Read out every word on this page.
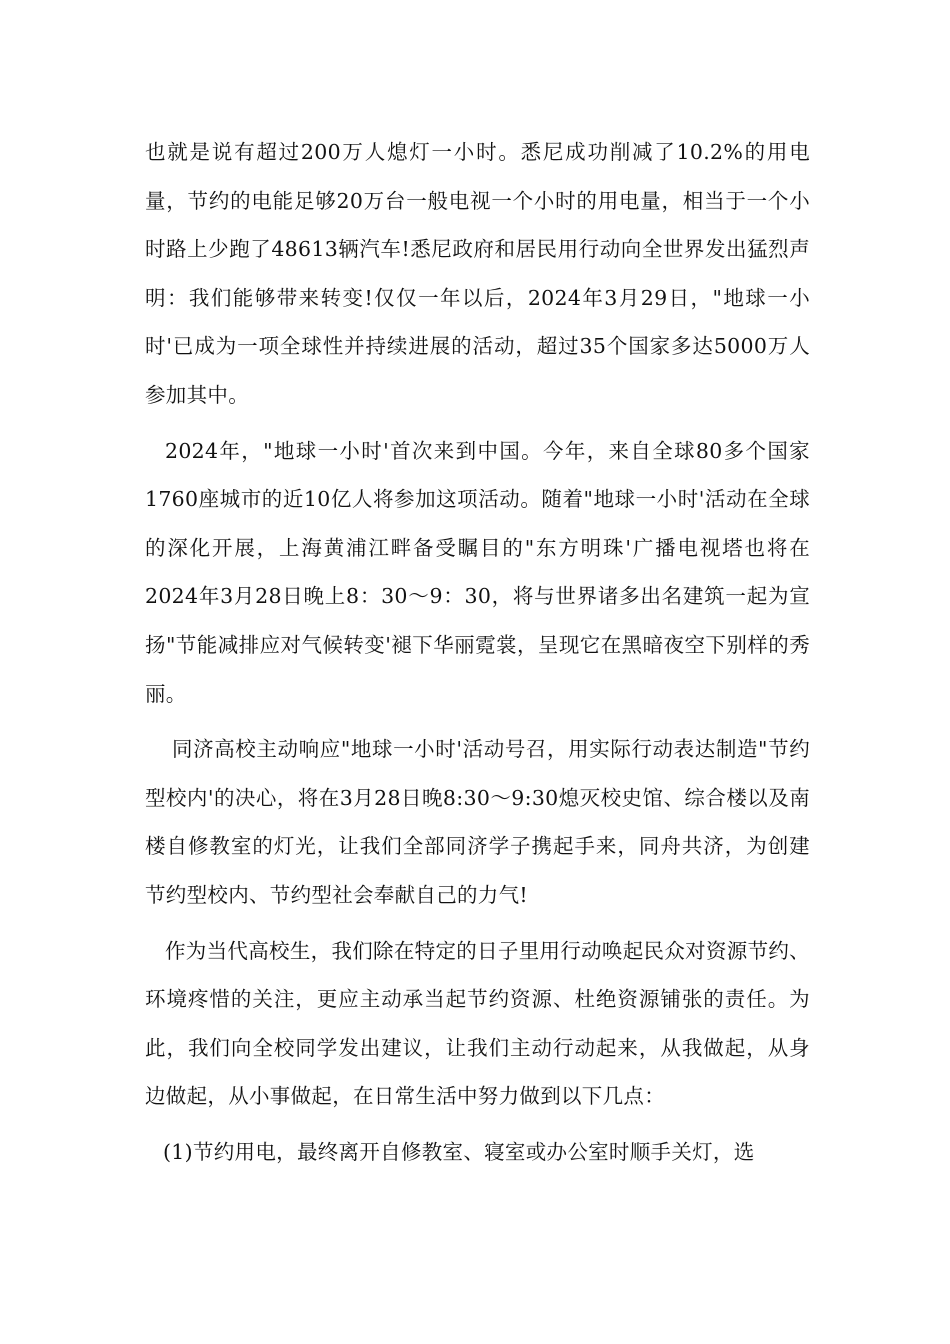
也就是说有超过200万人熄灯一小时。悉尼成功削减了10.2%的用电量，节约的电能足够20万台一般电视一个小时的用电量，相当于一个小时路上少跑了48613辆汽车!悉尼政府和居民用行动向全世界发出猛烈声明：我们能够带来转变!仅仅一年以后，2024年3月29日，"地球一小时'已成为一项全球性并持续进展的活动，超过35个国家多达5000万人参加其中。

2024年，"地球一小时'首次来到中国。今年，来自全球80多个国家1760座城市的近10亿人将参加这项活动。随着"地球一小时'活动在全球的深化开展，上海黄浦江畔备受瞩目的"东方明珠'广播电视塔也将在2024年3月28日晚上8：30～9：30，将与世界诸多出名建筑一起为宣扬"节能减排应对气候转变'褪下华丽霓裳，呈现它在黑暗夜空下别样的秀丽。

同济高校主动响应"地球一小时'活动号召，用实际行动表达制造"节约型校内'的决心，将在3月28日晚8:30～9:30熄灭校史馆、综合楼以及南楼自修教室的灯光，让我们全部同济学子携起手来，同舟共济，为创建节约型校内、节约型社会奉献自己的力气!

作为当代高校生，我们除在特定的日子里用行动唤起民众对资源节约、环境疼惜的关注，更应主动承当起节约资源、杜绝资源铺张的责任。为此，我们向全校同学发出建议，让我们主动行动起来，从我做起，从身边做起，从小事做起，在日常生活中努力做到以下几点：

(1)节约用电，最终离开自修教室、寝室或办公室时顺手关灯，选
